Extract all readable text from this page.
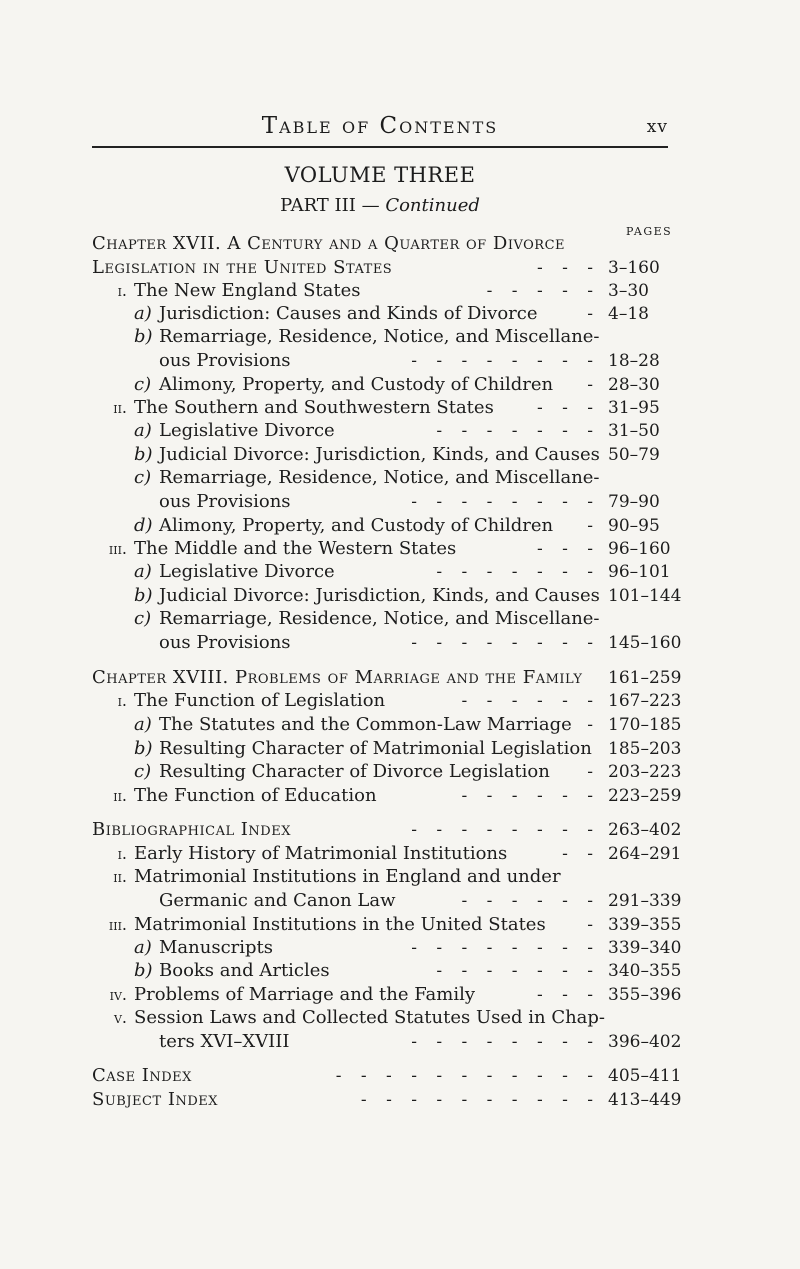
Table of Contents	xv
VOLUME THREE
PART III — Continued
PAGES
Chapter XVII. A Century and a Quarter of Divorce
Legislation in the United States	- - - 3–160
i. The New England States	- - - - - 3–30
a) Jurisdiction: Causes and Kinds of Divorce	- 4–18
b) Remarriage, Residence, Notice, and Miscellane-
ous Provisions	- - - - - - - - 18–28
c) Alimony, Property, and Custody of Children - 28–30
ii. The Southern and Southwestern States	- - - 31–95
a) Legislative Divorce	- - - - - - - 31–50
b) Judicial Divorce: Jurisdiction, Kinds, and Causes 50–79
c) Remarriage, Residence, Notice, and Miscellane-
ous Provisions	- - - - - - - - 79–90
d) Alimony, Property, and Custody of Children - 90–95
iii. The Middle and the Western States	- - - 96–160
a) Legislative Divorce	- - - - - - - 96–101
b) Judicial Divorce: Jurisdiction, Kinds, and Causes 101–144
c) Remarriage, Residence, Notice, and Miscellane-
ous Provisions	- - - - - - - - 145–160
Chapter XVIII. Problems of Marriage and the Family 161–259
i. The Function of Legislation	- - - - - - 167–223
a) The Statutes and the Common-Law Marriage - 170–185
b) Resulting Character of Matrimonial Legislation 185–203
c) Resulting Character of Divorce Legislation - 203–223
ii. The Function of Education	- - - - - - 223–259
Bibliographical Index	- - - - - - - - 263–402
i. Early History of Matrimonial Institutions	- - 264–291
ii. Matrimonial Institutions in England and under
Germanic and Canon Law	- - - - - - 291–339
iii. Matrimonial Institutions in the United States - 339–355
a) Manuscripts	- - - - - - - - 339–340
b) Books and Articles	- - - - - - - 340–355
iv. Problems of Marriage and the Family	- - - 355–396
v. Session Laws and Collected Statutes Used in Chap-
ters XVI–XVIII	- - - - - - - - 396–402
Case Index	- - - - - - - - - - - 405–411
Subject Index	- - - - - - - - - - 413–449
